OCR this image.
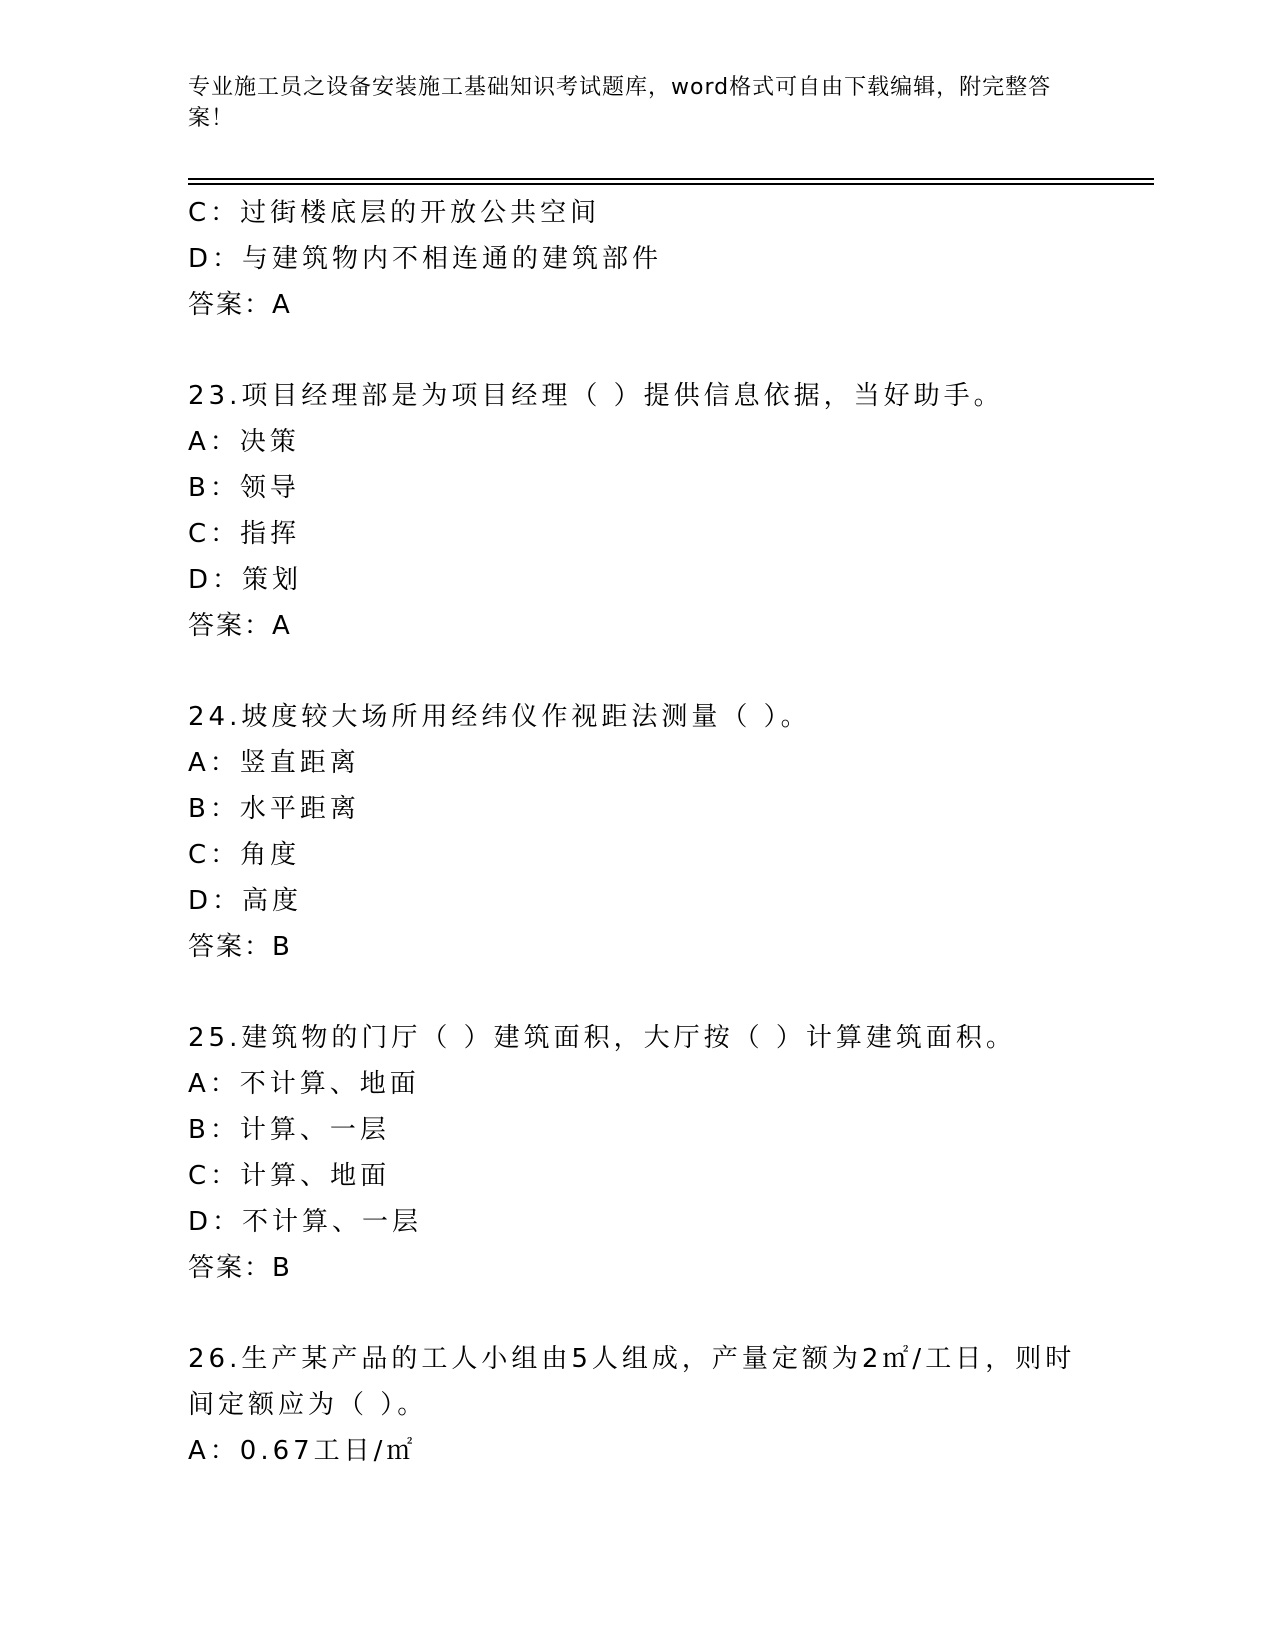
专业施工员之设备安装施工基础知识考试题库，word格式可自由下载编辑，附完整答案！
C：过街楼底层的开放公共空间
D：与建筑物内不相连通的建筑部件
答案：A
23.项目经理部是为项目经理（ ）提供信息依据，当好助手。
A：决策
B：领导
C：指挥
D：策划
答案：A
24.坡度较大场所用经纬仪作视距法测量（ ）。
A：竖直距离
B：水平距离
C：角度
D：高度
答案：B
25.建筑物的门厅（ ）建筑面积，大厅按（ ）计算建筑面积。
A：不计算、地面
B：计算、一层
C：计算、地面
D：不计算、一层
答案：B
26.生产某产品的工人小组由5人组成，产量定额为2㎡/工日，则时间定额应为（ ）。
A：0.67工日/㎡
